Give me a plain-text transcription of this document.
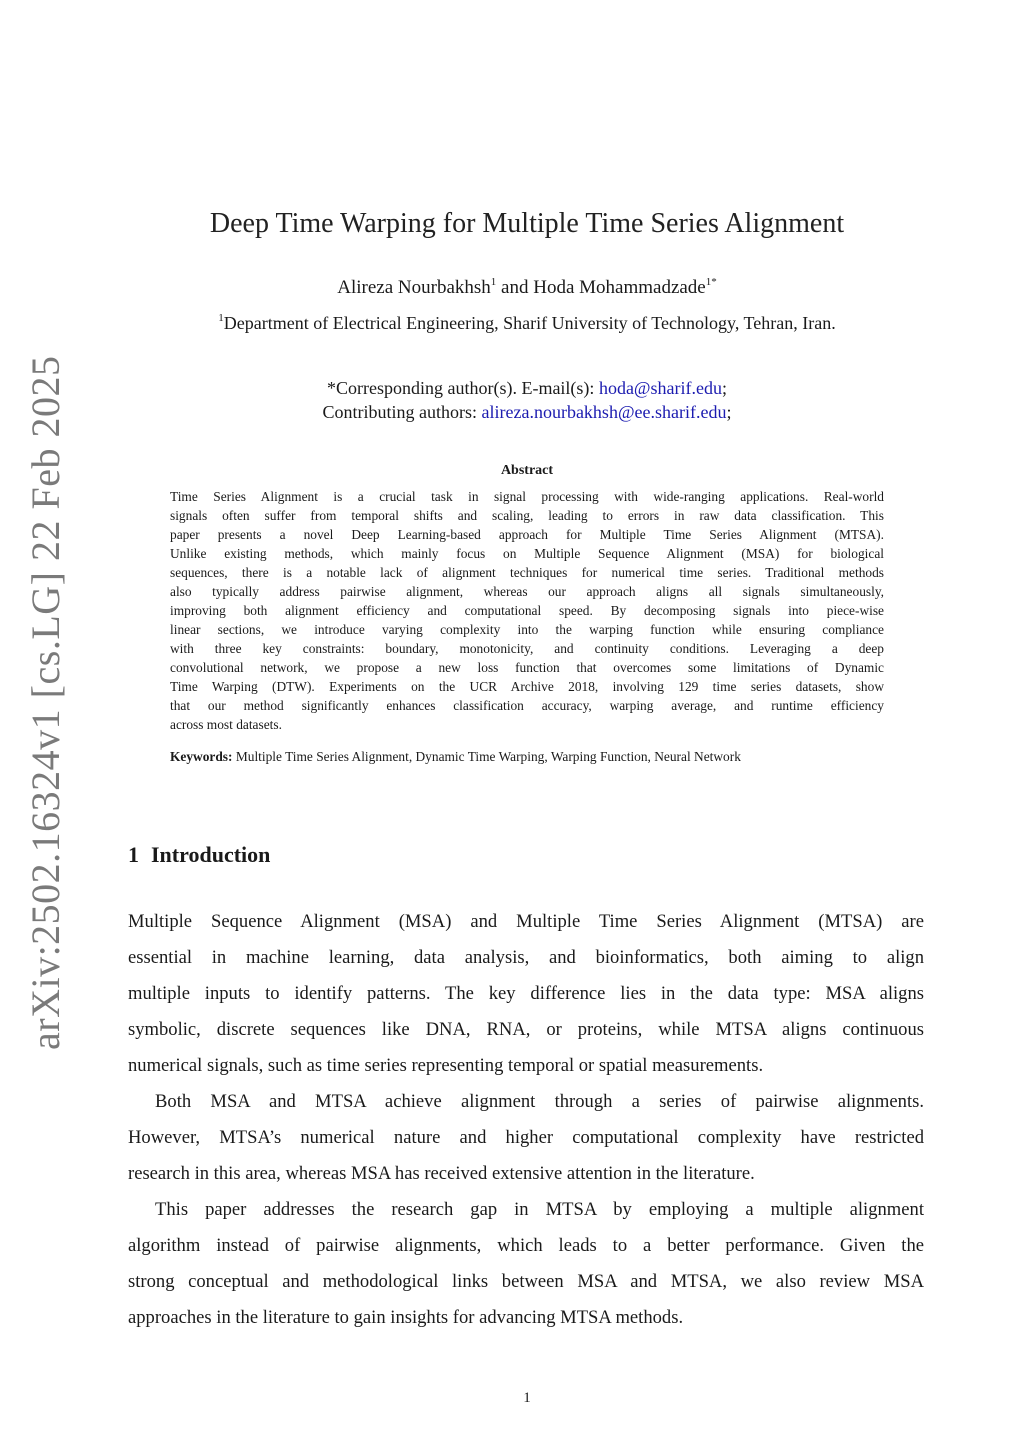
arXiv:2502.16324v1 [cs.LG] 22 Feb 2025
Deep Time Warping for Multiple Time Series Alignment
Alireza Nourbakhsh$^1$ and Hoda Mohammadzade$^{1*}$
$^1$Department of Electrical Engineering, Sharif University of Technology, Tehran, Iran.
*Corresponding author(s). E-mail(s): hoda@sharif.edu;
Contributing authors: alireza.nourbakhsh@ee.sharif.edu;
Abstract
Time Series Alignment is a crucial task in signal processing with wide-ranging applications. Real-world
signals often suffer from temporal shifts and scaling, leading to errors in raw data classification. This
paper presents a novel Deep Learning-based approach for Multiple Time Series Alignment (MTSA).
Unlike existing methods, which mainly focus on Multiple Sequence Alignment (MSA) for biological
sequences, there is a notable lack of alignment techniques for numerical time series. Traditional methods
also typically address pairwise alignment, whereas our approach aligns all signals simultaneously,
improving both alignment efficiency and computational speed. By decomposing signals into piece-wise
linear sections, we introduce varying complexity into the warping function while ensuring compliance
with three key constraints: boundary, monotonicity, and continuity conditions. Leveraging a deep
convolutional network, we propose a new loss function that overcomes some limitations of Dynamic
Time Warping (DTW). Experiments on the UCR Archive 2018, involving 129 time series datasets, show
that our method significantly enhances classification accuracy, warping average, and runtime efficiency
across most datasets.
Keywords: Multiple Time Series Alignment, Dynamic Time Warping, Warping Function, Neural Network
1 Introduction
Multiple Sequence Alignment (MSA) and Multiple Time Series Alignment (MTSA) are
essential in machine learning, data analysis, and bioinformatics, both aiming to align
multiple inputs to identify patterns. The key difference lies in the data type: MSA aligns
symbolic, discrete sequences like DNA, RNA, or proteins, while MTSA aligns continuous
numerical signals, such as time series representing temporal or spatial measurements.
Both MSA and MTSA achieve alignment through a series of pairwise alignments.
However, MTSA’s numerical nature and higher computational complexity have restricted
research in this area, whereas MSA has received extensive attention in the literature.
This paper addresses the research gap in MTSA by employing a multiple alignment
algorithm instead of pairwise alignments, which leads to a better performance. Given the
strong conceptual and methodological links between MSA and MTSA, we also review MSA
approaches in the literature to gain insights for advancing MTSA methods.
1
